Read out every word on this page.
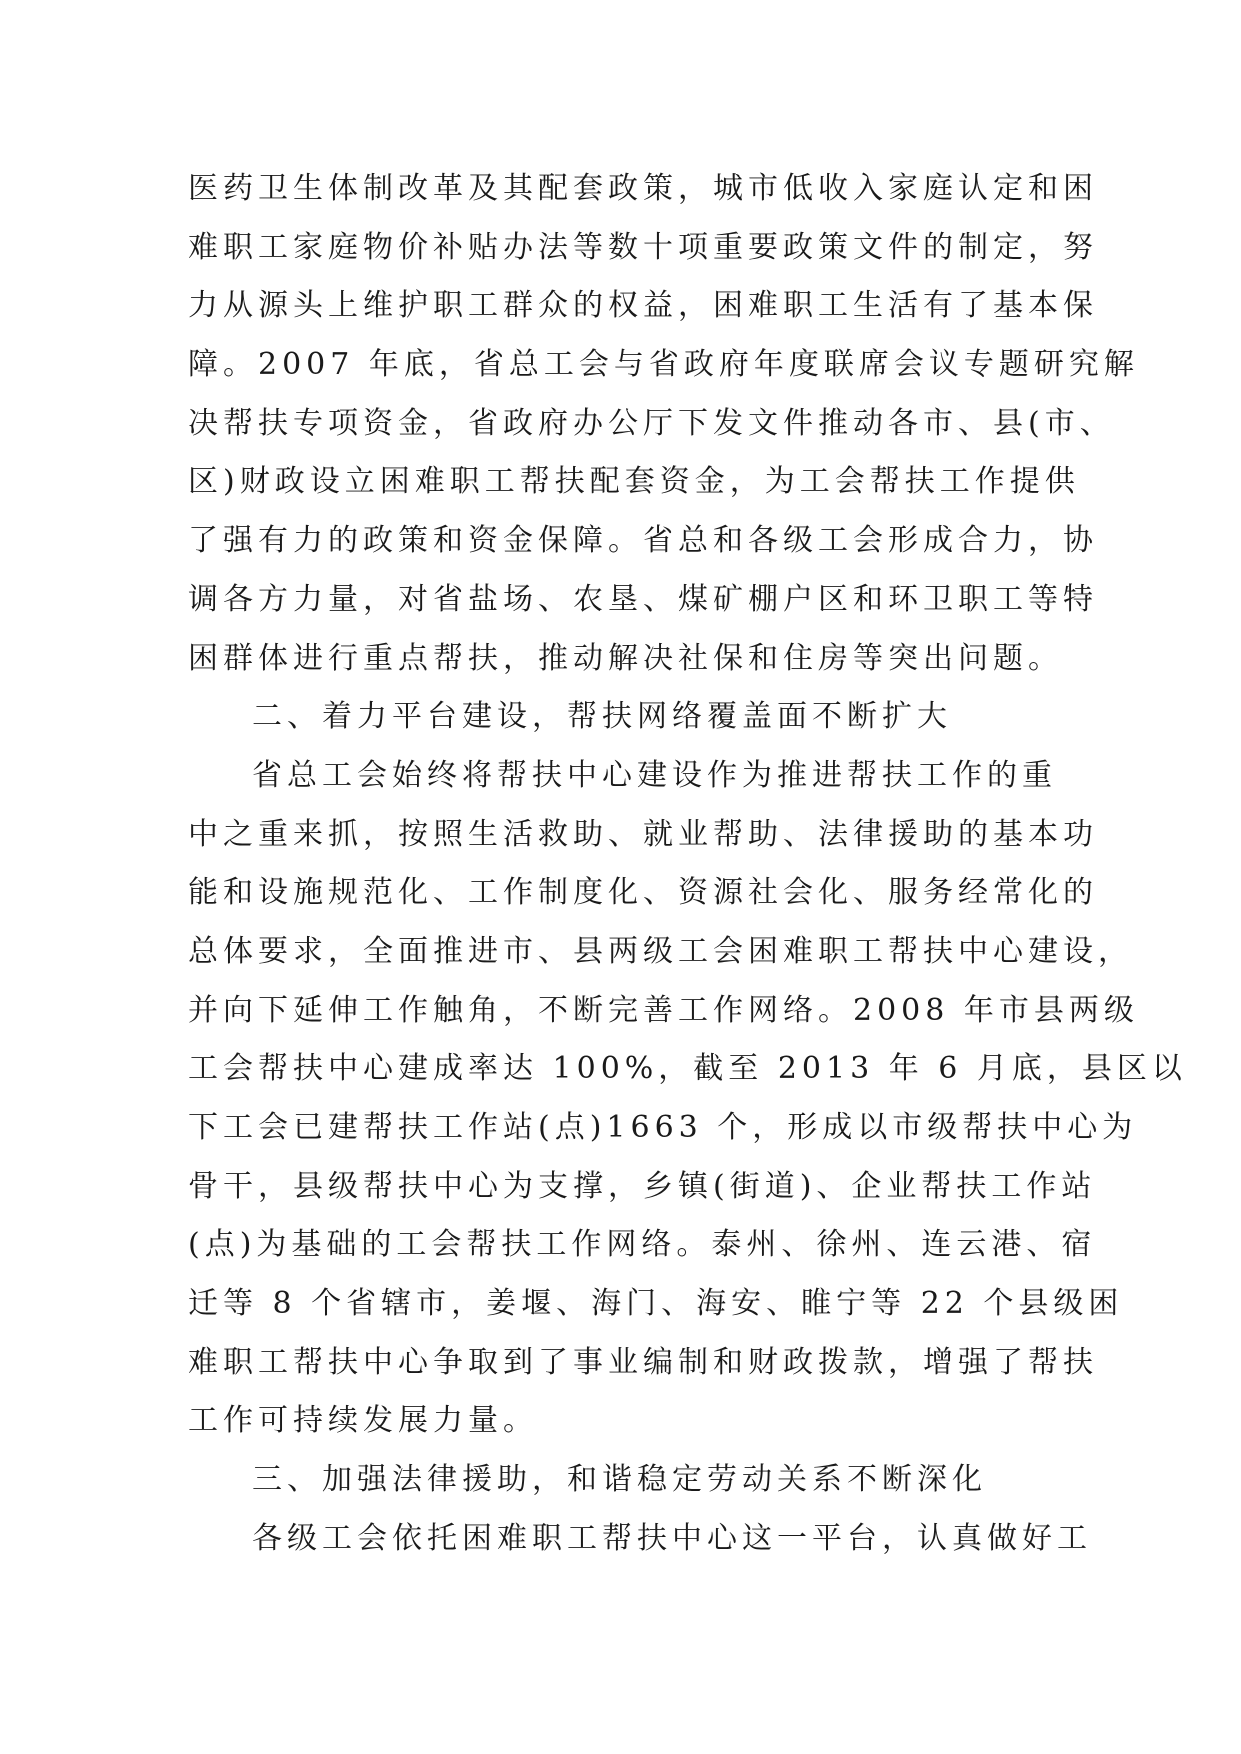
医药卫生体制改革及其配套政策，城市低收入家庭认定和困
难职工家庭物价补贴办法等数十项重要政策文件的制定，努
力从源头上维护职工群众的权益，困难职工生活有了基本保
障。2007 年底，省总工会与省政府年度联席会议专题研究解
决帮扶专项资金，省政府办公厅下发文件推动各市、县(市、
区)财政设立困难职工帮扶配套资金，为工会帮扶工作提供
了强有力的政策和资金保障。省总和各级工会形成合力，协
调各方力量，对省盐场、农垦、煤矿棚户区和环卫职工等特
困群体进行重点帮扶，推动解决社保和住房等突出问题。
二、着力平台建设，帮扶网络覆盖面不断扩大
省总工会始终将帮扶中心建设作为推进帮扶工作的重
中之重来抓，按照生活救助、就业帮助、法律援助的基本功
能和设施规范化、工作制度化、资源社会化、服务经常化的
总体要求，全面推进市、县两级工会困难职工帮扶中心建设，
并向下延伸工作触角，不断完善工作网络。2008 年市县两级
工会帮扶中心建成率达 100%，截至 2013 年 6 月底，县区以
下工会已建帮扶工作站(点)1663 个，形成以市级帮扶中心为
骨干，县级帮扶中心为支撑，乡镇(街道)、企业帮扶工作站
(点)为基础的工会帮扶工作网络。泰州、徐州、连云港、宿
迁等 8 个省辖市，姜堰、海门、海安、睢宁等 22 个县级困
难职工帮扶中心争取到了事业编制和财政拨款，增强了帮扶
工作可持续发展力量。
三、加强法律援助，和谐稳定劳动关系不断深化
各级工会依托困难职工帮扶中心这一平台，认真做好工
